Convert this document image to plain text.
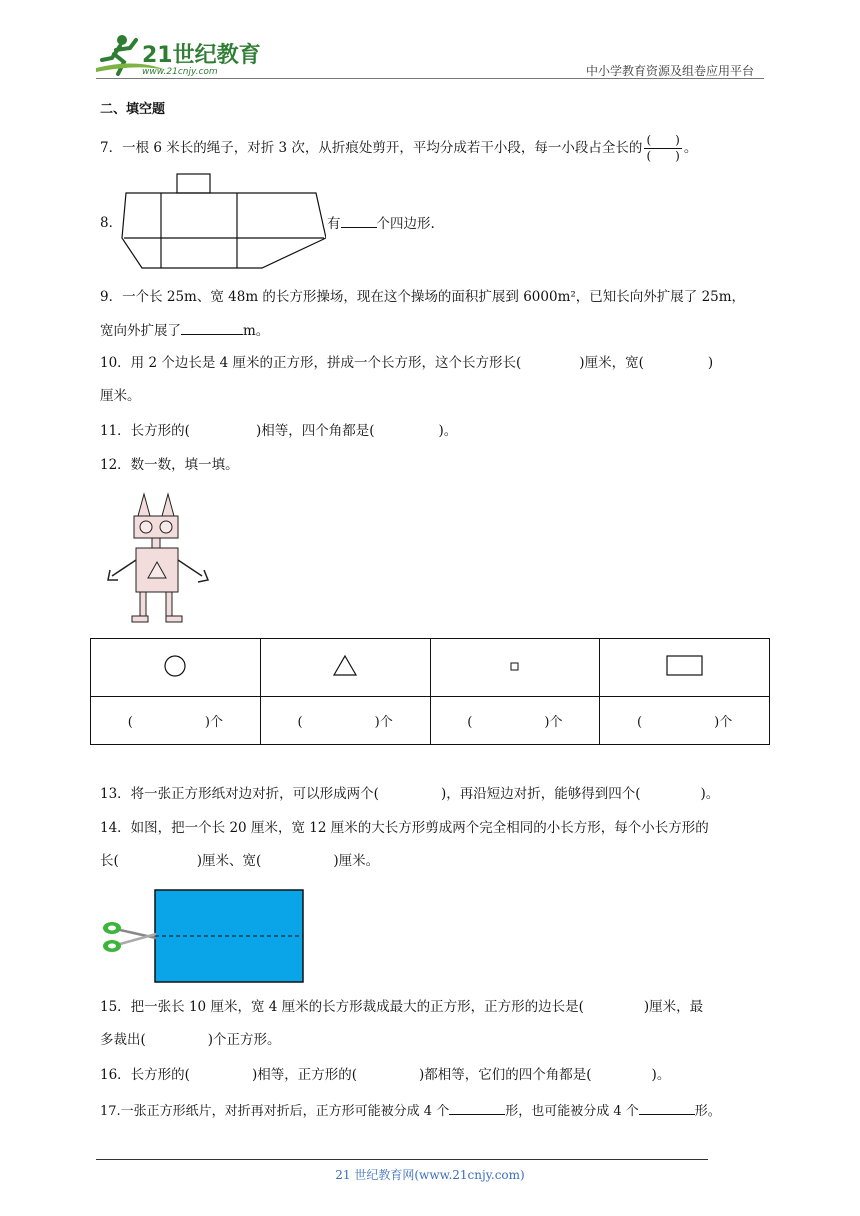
21世纪教育
www.21cnjy.com	中小学教育资源及组卷应用平台
二、填空题
7．一根 6 米长的绳子，对折 3 次，从折痕处剪开，平均分成若干小段，每一小段占全长的 $\frac{( )}{( )}$ 。
8．	有	个四边形.
9．一个长 25m、宽 48m 的长方形操场，现在这个操场的面积扩展到 6000m²，已知长向外扩展了 25m，
宽向外扩展了	m。
10．用 2 个边长是 4 厘米的正方形，拼成一个长方形，这个长方形长(	)厘米，宽(	)
厘米。
11．长方形的(	)相等，四个角都是(	)。
12．数一数，填一填。

( )个	( )个	( )个	( )个
13．将一张正方形纸对边对折，可以形成两个(	)，再沿短边对折，能够得到四个(	)。
14．如图，把一个长 20 厘米，宽 12 厘米的大长方形剪成两个完全相同的小长方形，每个小长方形的
长(	)厘米、宽(	)厘米。
15．把一张长 10 厘米，宽 4 厘米的长方形裁成最大的正方形，正方形的边长是(	)厘米，最
多裁出(	)个正方形。
16．长方形的(	)相等，正方形的(	)都相等，它们的四个角都是(	)。
17.一张正方形纸片，对折再对折后，正方形可能被分成 4 个	形，也可能被分成 4 个	形。
21 世纪教育网(www.21cnjy.com)
